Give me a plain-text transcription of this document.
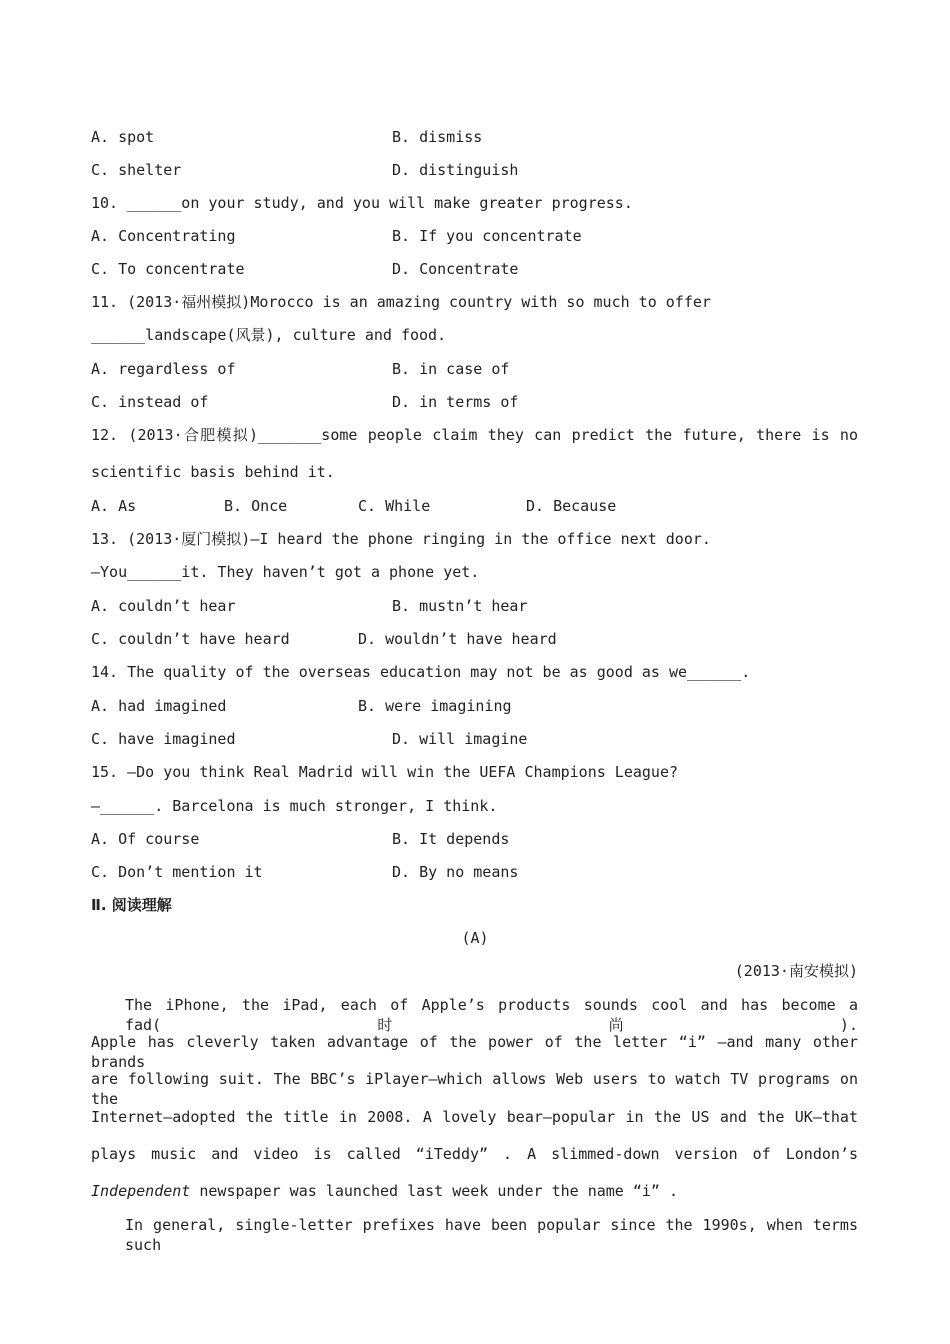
A. spot	B. dismiss
C. shelter	D. distinguish
10. ______on your study, and you will make greater progress.
A. Concentrating	B. If you concentrate
C. To concentrate	D. Concentrate
11. (2013·福州模拟)Morocco is an amazing country with so much to offer
______landscape(风景), culture and food.
A. regardless of	B. in case of
C. instead of	D. in terms of
12. (2013·合肥模拟)_______some people claim they can predict the future, there is no
scientific basis behind it.
A. As	B. Once	C. While	D. Because
13. (2013·厦门模拟)—I heard the phone ringing in the office next door.
—You______it. They haven’t got a phone yet.
A. couldn’t hear	B. mustn’t hear
C. couldn’t have heard	D. wouldn’t have heard
14. The quality of the overseas education may not be as good as we______.
A. had imagined	B. were imagining
C. have imagined	D. will imagine
15. —Do you think Real Madrid will win the UEFA Champions League?
—______. Barcelona is much stronger, I think.
A. Of course	B. It depends
C. Don’t mention it	D. By no means
Ⅱ. 阅读理解
(A)
(2013·南安模拟)
The iPhone, the iPad, each of Apple’s products sounds cool and has become a fad(时尚).
Apple has cleverly taken advantage of the power of the letter “i” —and many other brands
are following suit. The BBC’s iPlayer—which allows Web users to watch TV programs on the
Internet—adopted the title in 2008. A lovely bear—popular in the US and the UK—that
plays music and video is called “iTeddy” . A slimmed-down version of London’s
Independent newspaper was launched last week under the name “i” .
In general, single-letter prefixes have been popular since the 1990s, when terms such
